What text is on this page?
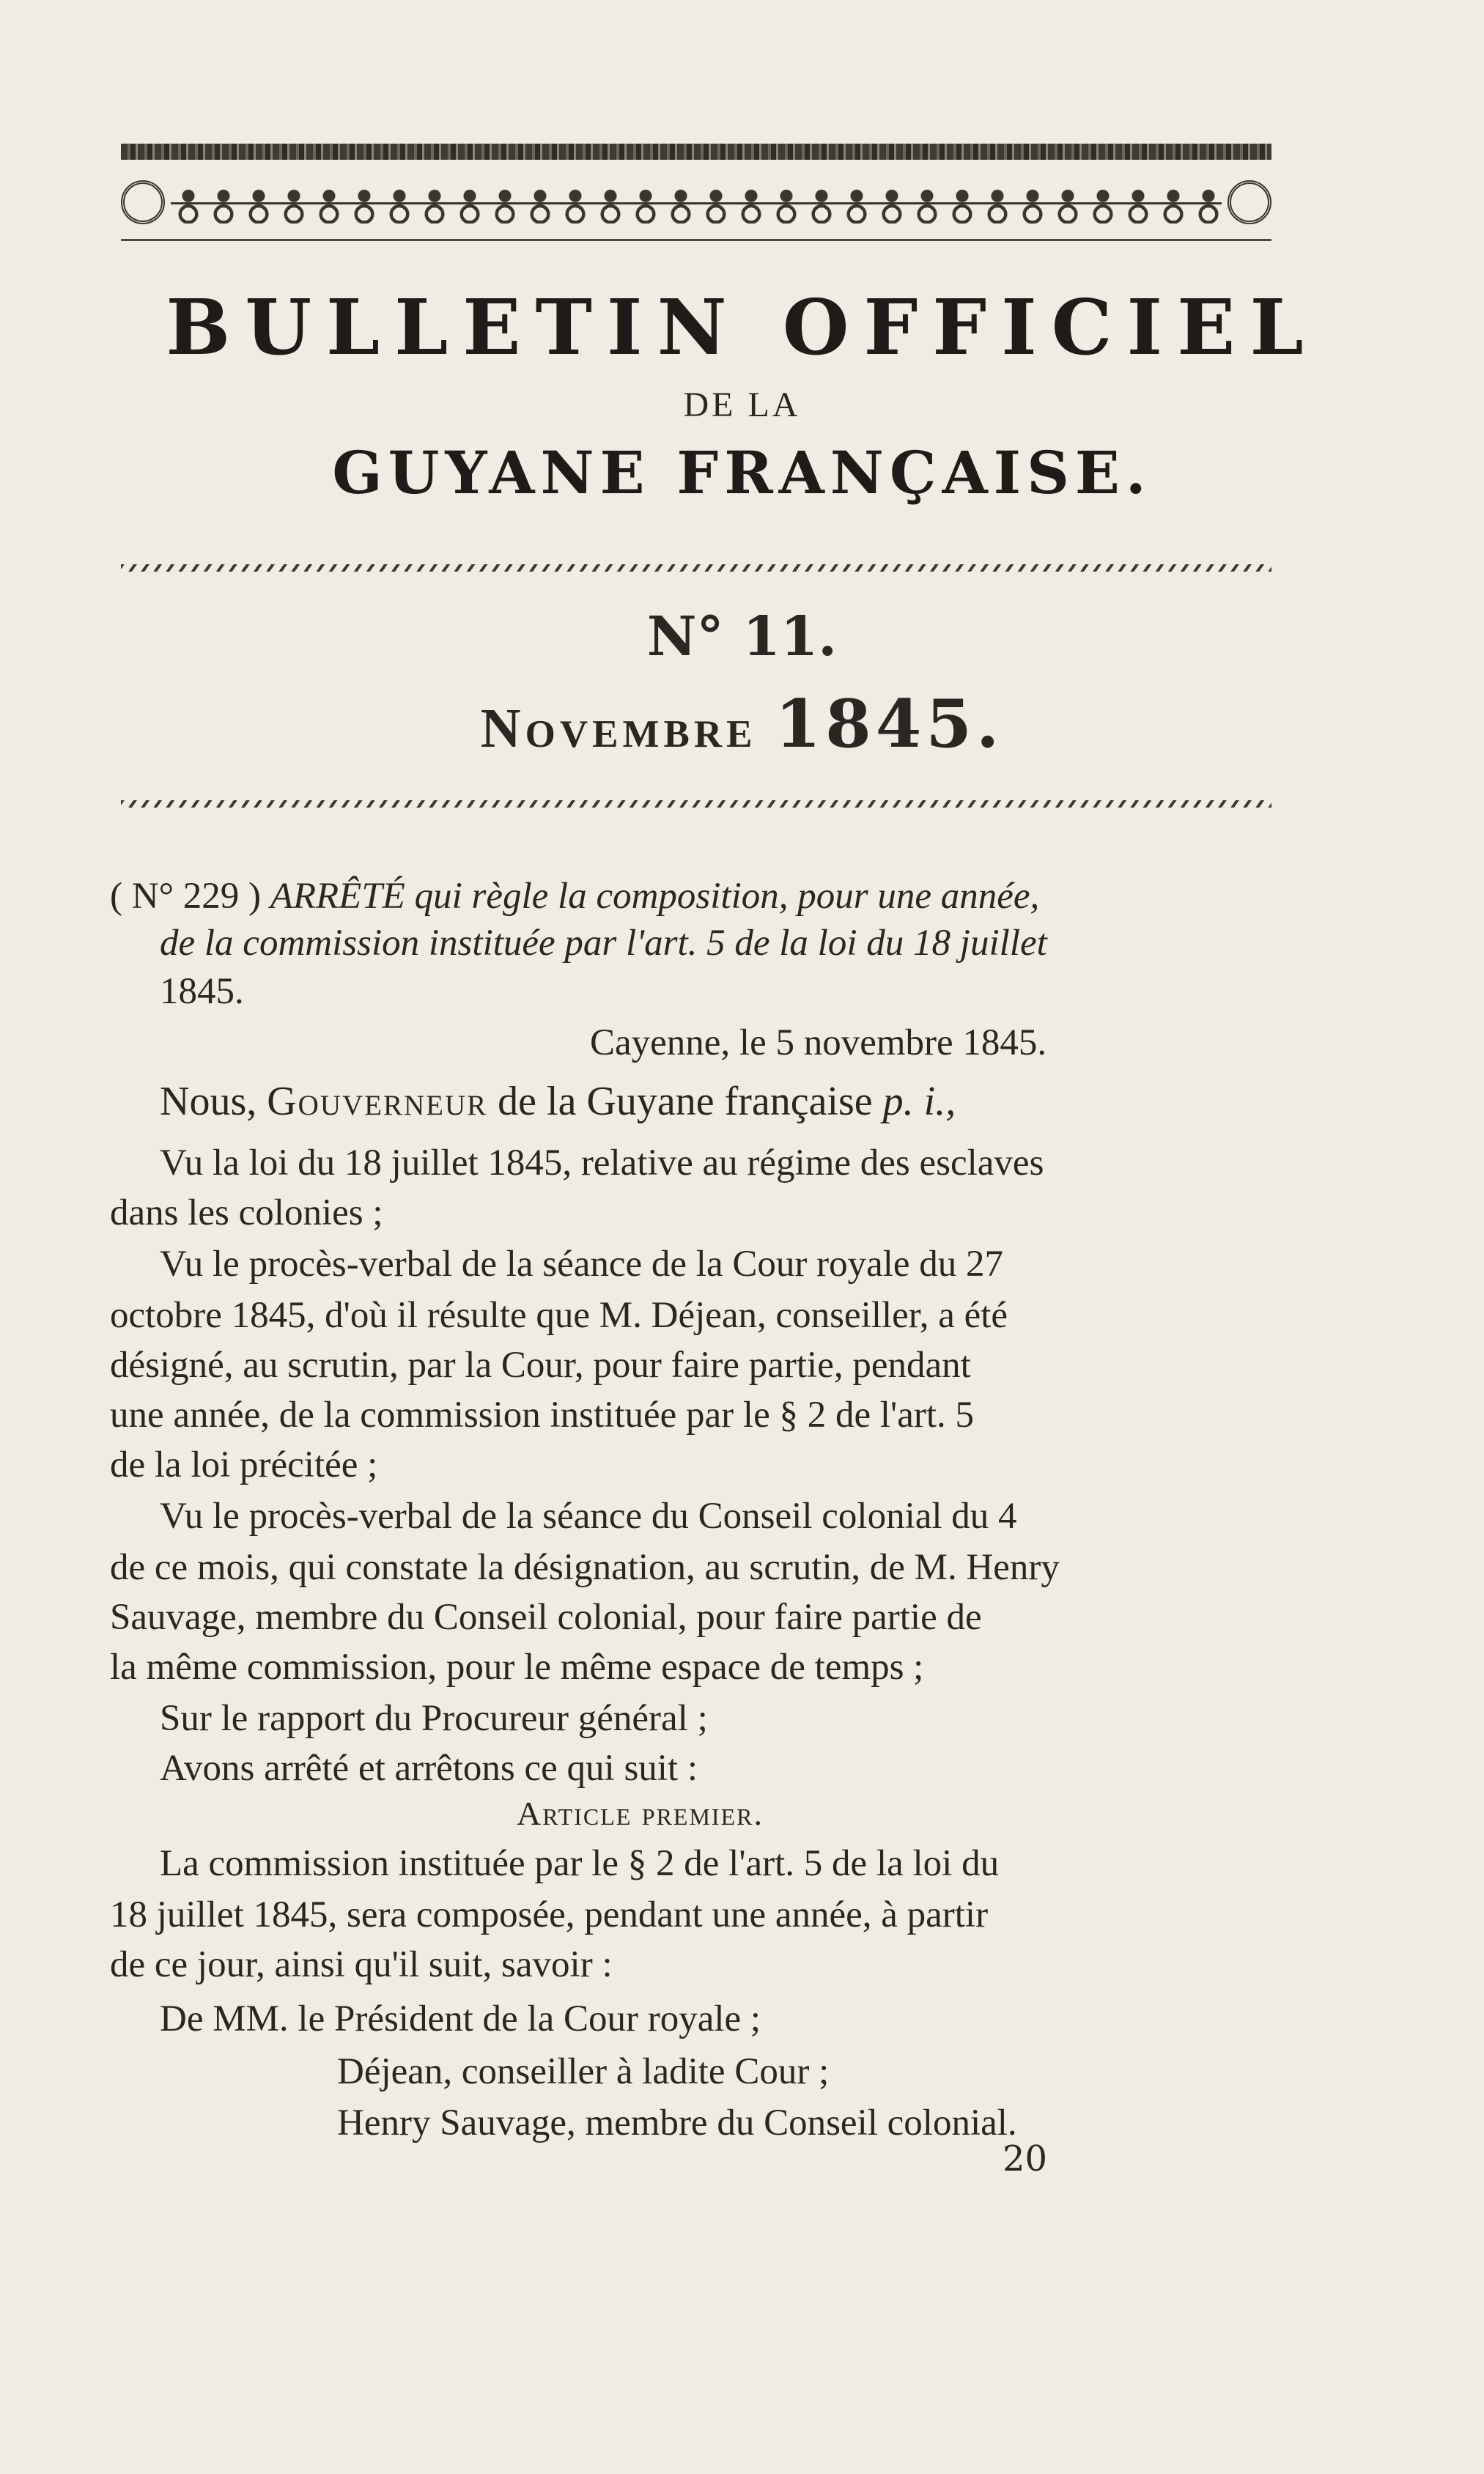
BULLETIN OFFICIEL
DE LA
GUYANE FRANÇAISE.
N° 11.
Novembre 1845.
( N° 229 ) ARRÊTÉ qui règle la composition, pour une année,
de la commission instituée par l'art. 5 de la loi du 18 juillet
1845.
Cayenne, le 5 novembre 1845.
Nous, Gouverneur de la Guyane française p. i.,
Vu la loi du 18 juillet 1845, relative au régime des esclaves
dans les colonies ;
Vu le procès-verbal de la séance de la Cour royale du 27
octobre 1845, d'où il résulte que M. Déjean, conseiller, a été
désigné, au scrutin, par la Cour, pour faire partie, pendant
une année, de la commission instituée par le § 2 de l'art. 5
de la loi précitée ;
Vu le procès-verbal de la séance du Conseil colonial du 4
de ce mois, qui constate la désignation, au scrutin, de M. Henry
Sauvage, membre du Conseil colonial, pour faire partie de
la même commission, pour le même espace de temps ;
Sur le rapport du Procureur général ;
Avons arrêté et arrêtons ce qui suit :
Article premier.
La commission instituée par le § 2 de l'art. 5 de la loi du
18 juillet 1845, sera composée, pendant une année, à partir
de ce jour, ainsi qu'il suit, savoir :
De MM. le Président de la Cour royale ;
Déjean, conseiller à ladite Cour ;
Henry Sauvage, membre du Conseil colonial.
20
